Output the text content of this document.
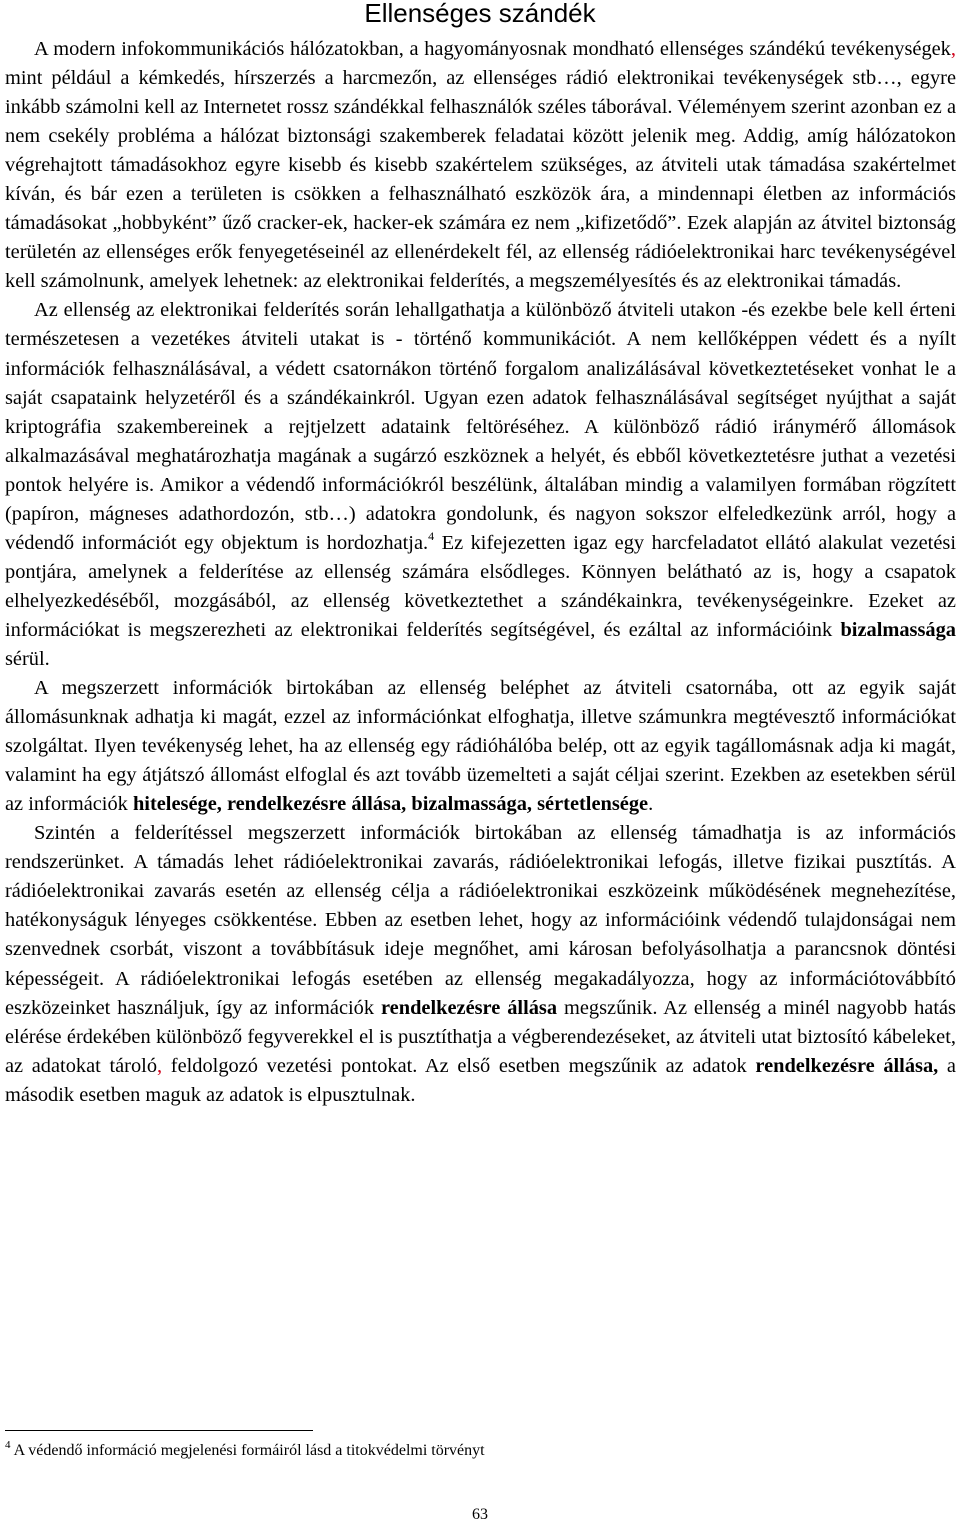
Ellenséges szándék

A modern infokommunikációs hálózatokban, a hagyományosnak mondható ellenséges szándékú tevékenységek, mint például a kémkedés, hírszerzés a harcmezőn, az ellenséges rádió elektronikai tevékenységek stb…, egyre inkább számolni kell az Internetet rossz szándékkal felhasználók széles táborával. Véleményem szerint azonban ez a nem csekély probléma a hálózat biztonsági szakemberek feladatai között jelenik meg. Addig, amíg hálózatokon végrehajtott támadásokhoz egyre kisebb és kisebb szakértelem szükséges, az átviteli utak támadása szakértelmet kíván, és bár ezen a területen is csökken a felhasználható eszközök ára, a mindennapi életben az információs támadásokat „hobbyként” űző cracker-ek, hacker-ek számára ez nem „kifizetődő”. Ezek alapján az átvitel biztonság területén az ellenséges erők fenyegetéseinél az ellenérdekelt fél, az ellenség rádióelektronikai harc tevékenységével kell számolnunk, amelyek lehetnek: az elektronikai felderítés, a megszemélyesítés és az elektronikai támadás.

Az ellenség az elektronikai felderítés során lehallgathatja a különböző átviteli utakon -és ezekbe bele kell érteni természetesen a vezetékes átviteli utakat is - történő kommunikációt. A nem kellőképpen védett és a nyílt információk felhasználásával, a védett csatornákon történő forgalom analizálásával következtetéseket vonhat le a saját csapataink helyzetéről és a szándékainkról. Ugyan ezen adatok felhasználásával segítséget nyújthat a saját kriptográfia szakembereinek a rejtjelzett adataink feltöréséhez. A különböző rádió iránymérő állomások alkalmazásával meghatározhatja magának a sugárzó eszköznek a helyét, és ebből következtetésre juthat a vezetési pontok helyére is. Amikor a védendő információkról beszélünk, általában mindig a valamilyen formában rögzített (papíron, mágneses adathordozón, stb…) adatokra gondolunk, és nagyon sokszor elfeledkezünk arról, hogy a védendő információt egy objektum is hordozhatja.$^4$ Ez kifejezetten igaz egy harcfeladatot ellátó alakulat vezetési pontjára, amelynek a felderítése az ellenség számára elsődleges. Könnyen belátható az is, hogy a csapatok elhelyezkedéséből, mozgásából, az ellenség következtethet a szándékainkra, tevékenységeinkre. Ezeket az információkat is megszerezheti az elektronikai felderítés segítségével, és ezáltal az információink bizalmassága sérül.

A megszerzett információk birtokában az ellenség beléphet az átviteli csatornába, ott az egyik saját állomásunknak adhatja ki magát, ezzel az információnkat elfoghatja, illetve számunkra megtévesztő információkat szolgáltat. Ilyen tevékenység lehet, ha az ellenség egy rádióhálóba belép, ott az egyik tagállomásnak adja ki magát, valamint ha egy átjátszó állomást elfoglal és azt tovább üzemelteti a saját céljai szerint. Ezekben az esetekben sérül az információk hitelesége, rendelkezésre állása, bizalmassága, sértetlensége.

Szintén a felderítéssel megszerzett információk birtokában az ellenség támadhatja is az információs rendszerünket. A támadás lehet rádióelektronikai zavarás, rádióelektronikai lefogás, illetve fizikai pusztítás. A rádióelektronikai zavarás esetén az ellenség célja a rádióelektronikai eszközeink működésének megnehezítése, hatékonyságuk lényeges csökkentése. Ebben az esetben lehet, hogy az információink védendő tulajdonságai nem szenvednek csorbát, viszont a továbbításuk ideje megnőhet, ami károsan befolyásolhatja a parancsnok döntési képességeit. A rádióelektronikai lefogás esetében az ellenség megakadályozza, hogy az információtovábbító eszközeinket használjuk, így az információk rendelkezésre állása megszűnik. Az ellenség a minél nagyobb hatás elérése érdekében különböző fegyverekkel el is pusztíthatja a végberendezéseket, az átviteli utat biztosító kábeleket, az adatokat tároló, feldolgozó vezetési pontokat. Az első esetben megszűnik az adatok rendelkezésre állása, a második esetben maguk az adatok is elpusztulnak.

$^4$ A védendő információ megjelenési formáiról lásd a titokvédelmi törvényt
63
